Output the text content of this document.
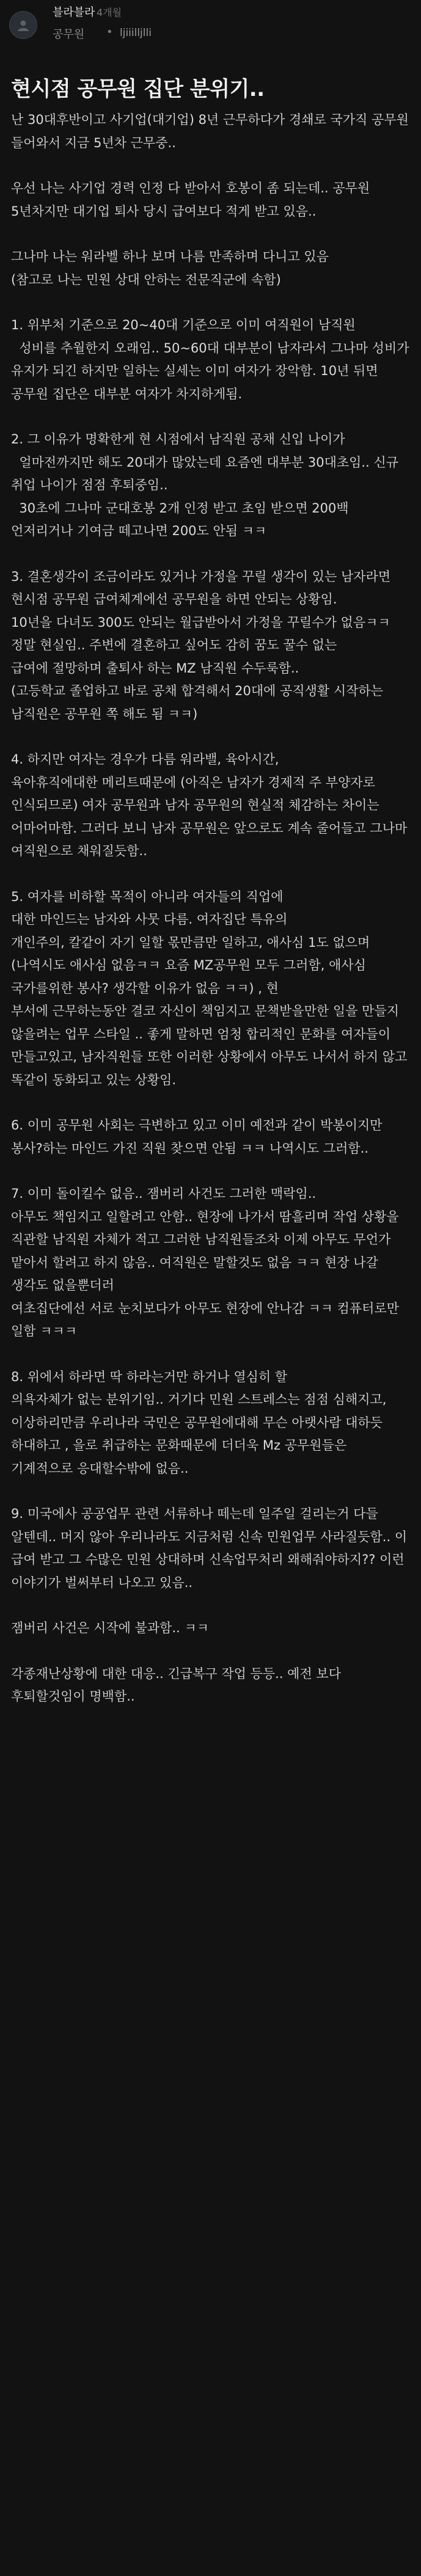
블라블라 4개월
공무원 • ljiiilljlli
현시점 공무원 집단 분위기..

난 30대후반이고 사기업(대기업) 8년 근무하다가 경쇄로 국가직 공무원 들어와서 지금 5년차 근무중..

우선 나는 사기업 경력 인정 다 받아서 호봉이 좀 되는데.. 공무원 5년차지만 대기업 퇴사 당시 급여보다 적게 받고 있음..

그나마 나는 워라벨 하나 보며 나름 만족하며 다니고 있음
(참고로 나는 민원 상대 안하는 전문직군에 속함)

1. 위부처 기준으로 20~40대 기준으로 이미 여직원이 남직원
성비를 추월한지 오래임.. 50~60대 대부분이 남자라서 그나마 성비가 유지가 되긴 하지만 일하는 실세는 이미 여자가 장악함. 10년 뒤면 공무원 집단은 대부분 여자가 차지하게됨.

2. 그 이유가 명확한게 현 시점에서 남직원 공채 신입 나이가
얼마전까지만 해도 20대가 많았는데 요즘엔 대부분 30대초임.. 신규 취업 나이가 점점 후퇴중임..
30초에 그나마 군대호봉 2개 인정 받고 초임 받으면 200백 언저리거나 기여금 떼고나면 200도 안됨 ㅋㅋ

3. 결혼생각이 조금이라도 있거나 가정을 꾸릴 생각이 있는 남자라면 현시점 공무원 급여체계에선 공무원을 하면 안되는 상황임.
10년을 다녀도 300도 안되는 월급받아서 가정을 꾸릴수가 없음ㅋㅋ 정말 현실임.. 주변에 결혼하고 싶어도 감히 꿈도 꿀수 없는
급여에 절망하며 출퇴사 하는 MZ 남직원 수두룩함..
(고등학교 졸업하고 바로 공채 합격해서 20대에 공직생활 시작하는 남직원은 공무원 쪽 해도 됨 ㅋㅋ)

4. 하지만 여자는 경우가 다름 워라밸, 육아시간,
육아휴직에대한 메리트때문에 (아직은 남자가 경제적 주 부양자로 인식되므로) 여자 공무원과 남자 공무원의 현실적 체감하는 차이는 어마어마함. 그러다 보니 남자 공무원은 앞으로도 계속 줄어들고 그나마 여직원으로 채워질듯함..

5. 여자를 비하할 목적이 아니라 여자들의 직업에
대한 마인드는 남자와 사뭇 다름. 여자집단 특유의
개인주의, 칼같이 자기 일할 몫만큼만 일하고, 애사심 1도 없으며(나역시도 애사심 없음ㅋㅋ 요즘 MZ공무원 모두 그러함, 애사심 국가를위한 봉사? 생각할 이유가 없음 ㅋㅋ) , 현
부서에 근무하는동안 결코 자신이 책임지고 문책받을만한 일을 만들지 않을려는 업무 스타일 .. 좋게 말하면 엄청 합리적인 문화를 여자들이 만들고있고, 남자직원들 또한 이러한 상황에서 아무도 나서서 하지 않고 똑같이 동화되고 있는 상황임.

6. 이미 공무원 사회는 극변하고 있고 이미 예전과 같이 박봉이지만 봉사?하는 마인드 가진 직원 찾으면 안됨 ㅋㅋ 나역시도 그러함..

7. 이미 돌이킬수 없음.. 잼버리 사건도 그러한 맥락임..
아무도 책임지고 일할려고 안함.. 현장에 나가서 땀흘리며 작업 상황을 직관할 남직원 자체가 적고 그러한 남직원들조차 이제 아무도 무언가 맡아서 할려고 하지 않음.. 여직원은 말할것도 없음 ㅋㅋ 현장 나갈 생각도 없을뿐더러
여초집단에선 서로 눈치보다가 아무도 현장에 안나감 ㅋㅋ 컴퓨터로만 일함 ㅋㅋㅋ

8. 위에서 하라면 딱 하라는거만 하거나 열심히 할
의욕자체가 없는 분위기임.. 거기다 민원 스트레스는 점점 심해지고, 이상하리만큼 우리나라 국민은 공무원에대해 무슨 아랫사람 대하듯 하대하고 , 을로 취급하는 문화때문에 더더욱 Mz 공무원들은 기계적으로 응대할수밖에 없음..

9. 미국에사 공공업무 관련 서류하나 떼는데 일주일 걸리는거 다들 알텐데.. 머지 않아 우리나라도 지금처럼 신속 민원업무 사라질듯함.. 이 급여 받고 그 수많은 민원 상대하며 신속업무처리 왜해줘야하지?? 이런 이야기가 벌써부터 나오고 있음..

잼버리 사건은 시작에 불과함.. ㅋㅋ

각종재난상황에 대한 대응.. 긴급복구 작업 등등.. 예전 보다 후퇴할것임이 명백함..
